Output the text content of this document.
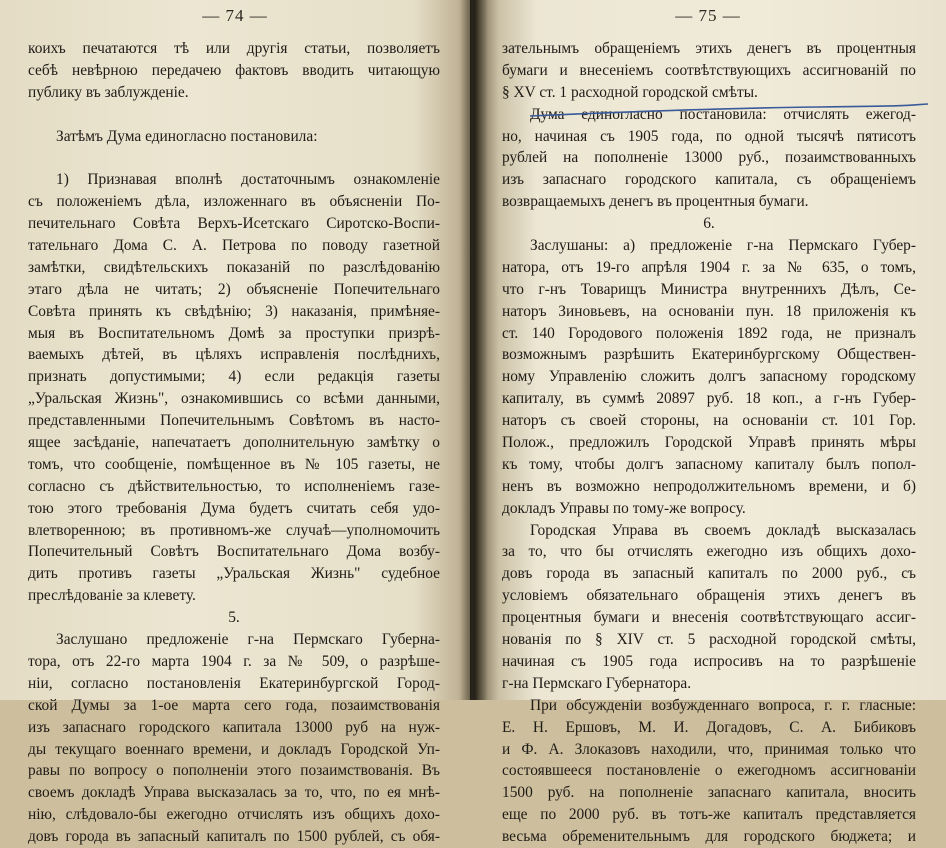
— 74 —
коихъ печатаются тѣ или другія статьи, позволяетъ
себѣ невѣрною передачею фактовъ вводить читающую
публику въ заблужденіе.
Затѣмъ Дума единогласно постановила:
1) Признавая вполнѣ достаточнымъ ознакомленіе
съ положеніемъ дѣла, изложеннаго въ объясненіи По-
печительнаго Совѣта Верхъ-Исетскаго Сиротско-Воспи-
тательнаго Дома С. А. Петрова по поводу газетной
замѣтки, свидѣтельскихъ показаній по разслѣдованію
этаго дѣла не читать; 2) объясненіе Попечительнаго
Совѣта принять къ свѣдѣнію; 3) наказанія, примѣняе-
мыя въ Воспитательномъ Домѣ за проступки призрѣ-
ваемыхъ дѣтей, въ цѣляхъ исправленія послѣднихъ,
признать допустимыми; 4) если редакція газеты
„Уральская Жизнь", ознакомившись со всѣми данными,
представленными Попечительнымъ Совѣтомъ въ насто-
ящее засѣданіе, напечатаетъ дополнительную замѣтку о
томъ, что сообщеніе, помѣщенное въ № 105 газеты, не
согласно съ дѣйствительностью, то исполненіемъ газе-
тою этого требованія Дума будетъ считать себя удо-
влетворенною; въ противномъ-же случаѣ—уполномочить
Попечительный Совѣтъ Воспитательнаго Дома возбу-
дить противъ газеты „Уральская Жизнь" судебное
преслѣдованіе за клевету.
5.
Заслушано предложеніе г-на Пермскаго Губерна-
тора, отъ 22-го марта 1904 г. за № 509, о разрѣше-
ніи, согласно постановленія Екатеринбургской Город-
ской Думы за 1-ое марта сего года, позаимствованія
изъ запаснаго городского капитала 13000 руб на нуж-
ды текущаго военнаго времени, и докладъ Городской Уп-
равы по вопросу о пополненіи этого позаимствованія. Въ
своемъ докладѣ Управа высказалась за то, что, по ея мнѣ-
нію, слѣдовало-бы ежегодно отчислять изъ общихъ дохо-
довъ города въ запасный капиталъ по 1500 рублей, съ обя-
— 75 —
зательнымъ обращеніемъ этихъ денегъ въ процентныя
бумаги и внесеніемъ соотвѣтствующихъ ассигнованій по
§ XV ст. 1 расходной городской смѣты.
Дума единогласно постановила: отчислять ежегод-
но, начиная съ 1905 года, по одной тысячѣ пятисотъ
рублей на пополненіе 13000 руб., позаимствованныхъ
изъ запаснаго городского капитала, съ обращеніемъ
возвращаемыхъ денегъ въ процентныя бумаги.
6.
Заслушаны: а) предложеніе г-на Пермскаго Губер-
натора, отъ 19-го апрѣля 1904 г. за № 635, о томъ,
что г-нъ Товарищъ Министра внутреннихъ Дѣлъ, Се-
наторъ Зиновьевъ, на основаніи пун. 18 приложенія къ
ст. 140 Городового положенія 1892 года, не призналъ
возможнымъ разрѣшить Екатеринбургскому Обществен-
ному Управленію сложить долгъ запасному городскому
капиталу, въ суммѣ 20897 руб. 18 коп., а г-нъ Губер-
наторъ съ своей стороны, на основаніи ст. 101 Гор.
Полож., предложилъ Городской Управѣ принять мѣры
къ тому, чтобы долгъ запасному капиталу былъ попол-
ненъ въ возможно непродолжительномъ времени, и б)
докладъ Управы по тому-же вопросу.
Городская Управа въ своемъ докладѣ высказалась
за то, что бы отчислять ежегодно изъ общихъ дохо-
довъ города въ запасный капиталъ по 2000 руб., съ
условіемъ обязательнаго обращенія этихъ денегъ въ
процентныя бумаги и внесенія соотвѣтствующаго ассиг-
нованія по § XIV ст. 5 расходной городской смѣты,
начиная съ 1905 года испросивъ на то разрѣшеніе
г-на Пермскаго Губернатора.
При обсужденіи возбужденнаго вопроса, г. г. гласные:
Е. Н. Ершовъ, М. И. Догадовъ, С. А. Бибиковъ
и Ф. А. Злоказовъ находили, что, принимая только что
состоявшееся постановленіе о ежегодномъ ассигнованіи
1500 руб. на пополненіе запаснаго капитала, вносить
еще по 2000 руб. въ тотъ-же капиталъ представляется
весьма обременительнымъ для городского бюджета; и
